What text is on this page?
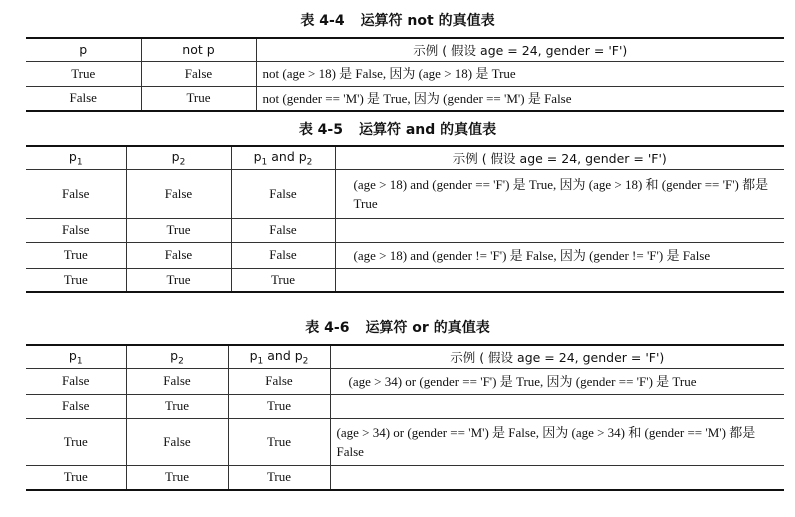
表 4-4 运算符 not 的真值表
p	not p	示例 ( 假设 age = 24, gender = 'F')
True	False	not (age > 18) 是 False, 因为 (age > 18) 是 True
False	True	not (gender == 'M') 是 True, 因为 (gender == 'M') 是 False
表 4-5 运算符 and 的真值表
$p_1$	$p_2$	$p_1$ and $p_2$	示例 ( 假设 age = 24, gender = 'F')
False	False	False	(age > 18) and (gender == 'F') 是 True, 因为 (age > 18) 和 (gender == 'F') 都是 True
False	True	False	
True	False	False	(age > 18) and (gender != 'F') 是 False, 因为 (gender != 'F') 是 False
True	True	True	
表 4-6 运算符 or 的真值表
$p_1$	$p_2$	$p_1$ and $p_2$	示例 ( 假设 age = 24, gender = 'F')
False	False	False	(age > 34) or (gender == 'F') 是 True, 因为 (gender == 'F') 是 True
False	True	True	
True	False	True	(age > 34) or (gender == 'M') 是 False, 因为 (age > 34) 和 (gender == 'M') 都是 False
True	True	True	
